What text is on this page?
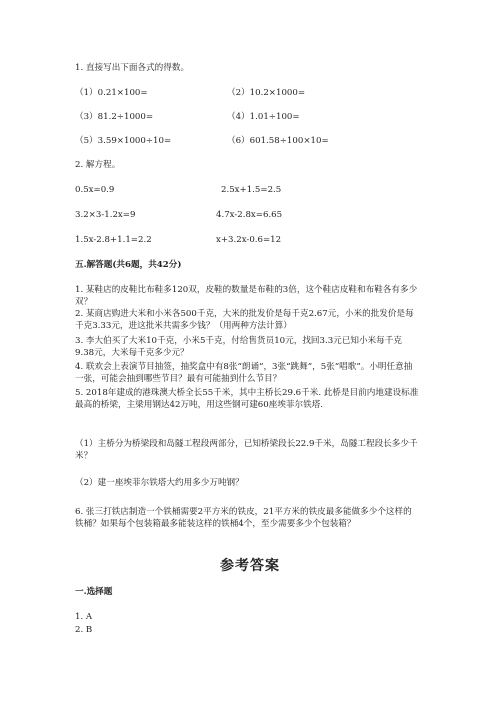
1. 直接写出下面各式的得数。
（1）0.21×100=	（2）10.2×1000=
（3）81.2÷1000=	（4）1.01÷100=
（5）3.59×1000÷10=	（6）601.58÷100×10=
2. 解方程。
0.5x=0.9	2.5x+1.5=2.5
3.2×3-1.2x=9	4.7x-2.8x=6.65
1.5x-2.8+1.1=2.2	x+3.2x-0.6=12
五.解答题(共6题，共42分)
1. 某鞋店的皮鞋比布鞋多120双，皮鞋的数量是布鞋的3倍，这个鞋店皮鞋和布鞋各有多少双？
2. 某商店购进大米和小米各500千克，大米的批发价是每千克2.67元，小米的批发价是每千克3.33元，进这批米共需多少钱？（用两种方法计算）
3. 李大伯买了大米10千克，小米5千克，付给售货员10元，找回3.3元已知小米每千克9.38元，大米每千克多少元？
4. 联欢会上表演节目抽签，抽奖盒中有8张“朗诵”，3张“跳舞”，5张“唱歌”。小明任意抽一张，可能会抽到哪些节目？最有可能抽到什么节目？
5. 2018年建成的港珠澳大桥全长55千米，其中主桥长29.6千米. 此桥是目前内地建设标准最高的桥梁，主梁用钢达42万吨，用这些钢可建60座埃菲尔铁塔.
（1）主桥分为桥梁段和岛隧工程段两部分，已知桥梁段长22.9千米，岛隧工程段长多少千米？
（2）建一座埃菲尔铁塔大约用多少万吨钢？
6. 张三打铁店制造一个铁桶需要2平方米的铁皮，21平方米的铁皮最多能做多少个这样的铁桶？如果每个包装箱最多能装这样的铁桶4个，至少需要多少个包装箱？
参考答案
一.选择题
1. A
2. B
